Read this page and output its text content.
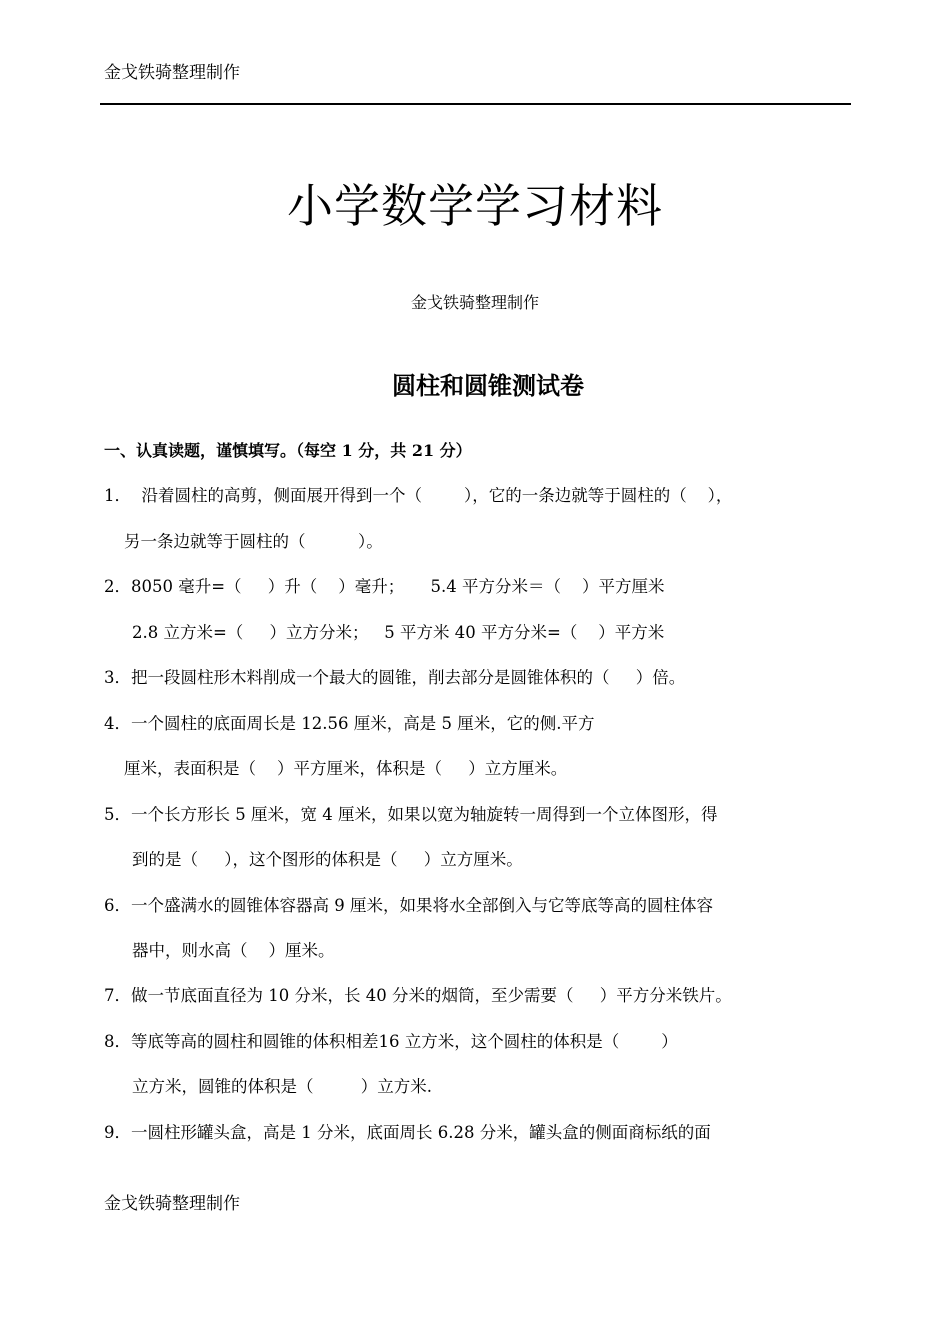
金戈铁骑整理制作
小学数学学习材料
金戈铁骑整理制作
圆柱和圆锥测试卷
一、认真读题，谨慎填写。（每空 1 分，共 21 分）
1．  沿着圆柱的高剪，侧面展开得到一个（        ），它的一条边就等于圆柱的（    ），
另一条边就等于圆柱的（          ）。
2．8050 毫升=（     ）升（    ）毫升；     5.4 平方分米＝（    ）平方厘米
2.8 立方米=（     ）立方分米；   5 平方米 40 平方分米=（    ）平方米
3．把一段圆柱形木料削成一个最大的圆锥，削去部分是圆锥体积的（     ）倍。
4．一个圆柱的底面周长是 12.56 厘米，高是 5 厘米，它的侧.平方
厘米，表面积是（    ）平方厘米，体积是（     ）立方厘米。
5．一个长方形长 5 厘米，宽 4 厘米，如果以宽为轴旋转一周得到一个立体图形，得
到的是（     ），这个图形的体积是（     ）立方厘米。
6．一个盛满水的圆锥体容器高 9 厘米，如果将水全部倒入与它等底等高的圆柱体容
器中，则水高（    ）厘米。
7．做一节底面直径为 10 分米，长 40 分米的烟筒，至少需要（     ）平方分米铁片。
8．等底等高的圆柱和圆锥的体积相差16 立方米，这个圆柱的体积是（        ）
立方米，圆锥的体积是（         ）立方米.
9．一圆柱形罐头盒，高是 1 分米，底面周长 6.28 分米，罐头盒的侧面商标纸的面
金戈铁骑整理制作
